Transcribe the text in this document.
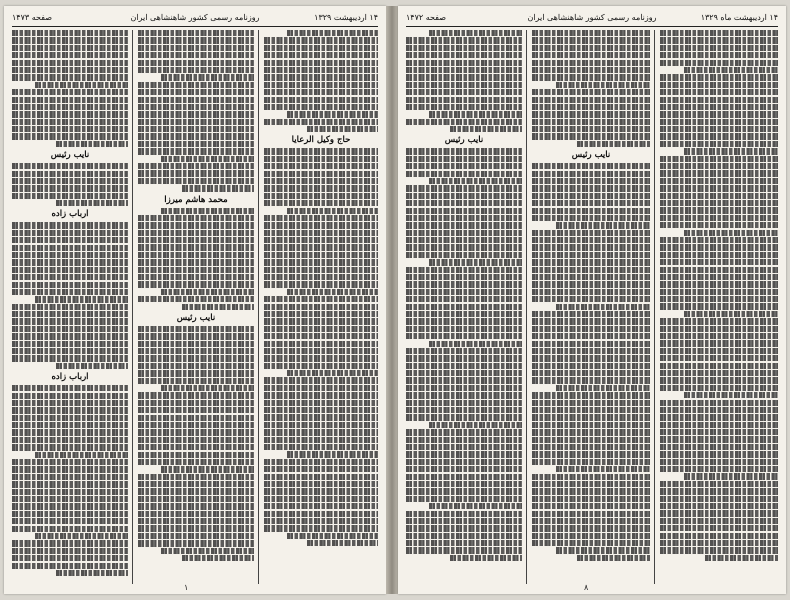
۱۴ اردیبهشت ۱۳۲۹
روزنامه رسمی کشور شاهنشاهی ایران
صفحه ۱۴۷۳
حاج وکیل الرعایا
محمد هاشم میرزا
نایب رئیس
نایب رئیس
ارباب زاده
ارباب زاده
۱
۱۴ اردیبهشت ماه ۱۳۲۹
روزنامه رسمی کشور شاهنشاهی ایران
صفحه ۱۴۷۲
نایب رئیس
نایب رئیس
۸
